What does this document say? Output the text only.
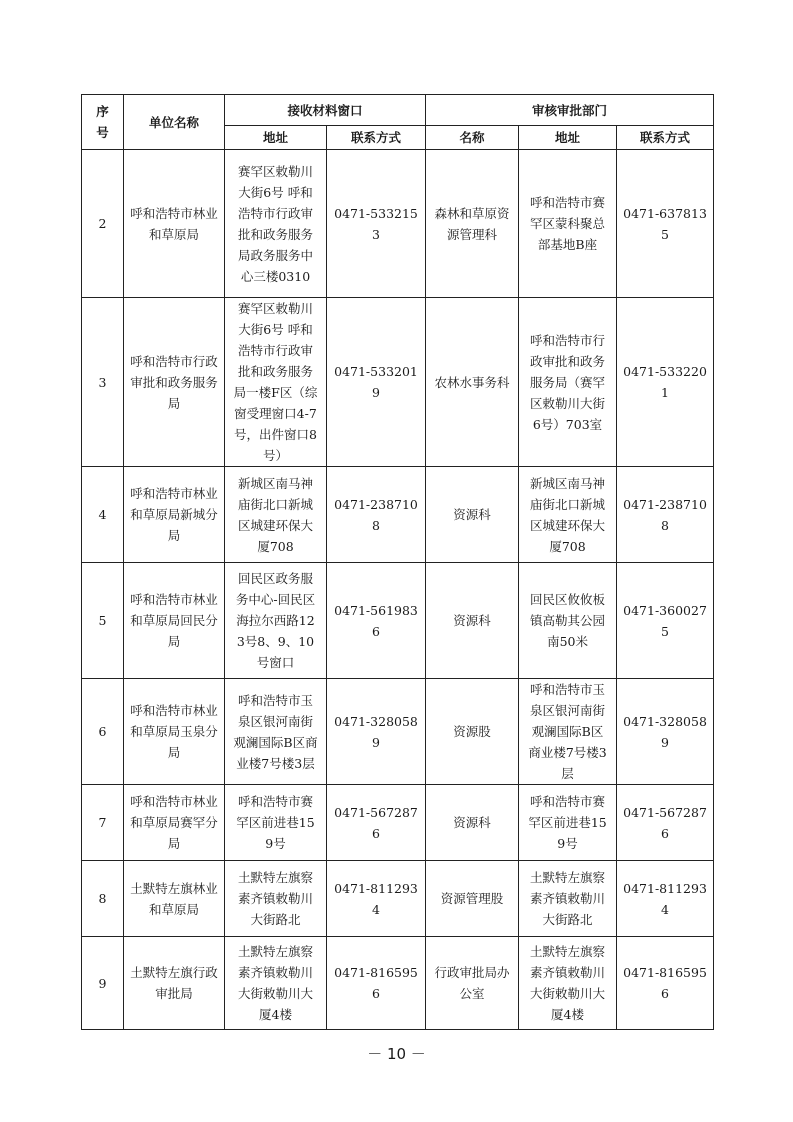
序号	单位名称	接收材料窗口		审核审批部门		
		地址	联系方式	名称	地址	联系方式
2	呼和浩特市林业和草原局	赛罕区敕勒川大街6号 呼和浩特市行政审批和政务服务局政务服务中心三楼0310	0471-5332153	森林和草原资源管理科	呼和浩特市赛罕区蒙科聚总部基地B座	0471-6378135
3	呼和浩特市行政审批和政务服务局	赛罕区敕勒川大街6号 呼和浩特市行政审批和政务服务局一楼F区（综窗受理窗口4-7号，出件窗口8号）	0471-5332019	农林水事务科	呼和浩特市行政审批和政务服务局（赛罕区敕勒川大街6号）703室	0471-5332201
4	呼和浩特市林业和草原局新城分局	新城区南马神庙街北口新城区城建环保大厦708	0471-2387108	资源科	新城区南马神庙街北口新城区城建环保大厦708	0471-2387108
5	呼和浩特市林业和草原局回民分局	回民区政务服务中心-回民区海拉尔西路123号8、9、10号窗口	0471-5619836	资源科	回民区攸攸板镇高勒其公园南50米	0471-3600275
6	呼和浩特市林业和草原局玉泉分局	呼和浩特市玉泉区银河南街观澜国际B区商业楼7号楼3层	0471-3280589	资源股	呼和浩特市玉泉区银河南街观澜国际B区商业楼7号楼3层	0471-3280589
7	呼和浩特市林业和草原局赛罕分局	呼和浩特市赛罕区前进巷159号	0471-5672876	资源科	呼和浩特市赛罕区前进巷159号	0471-5672876
8	土默特左旗林业和草原局	土默特左旗察素齐镇敕勒川大街路北	0471-8112934	资源管理股	土默特左旗察素齐镇敕勒川大街路北	0471-8112934
9	土默特左旗行政审批局	土默特左旗察素齐镇敕勒川大街敕勒川大厦4楼	0471-8165956	行政审批局办公室	土默特左旗察素齐镇敕勒川大街敕勒川大厦4楼	0471-8165956
－ 10 －
